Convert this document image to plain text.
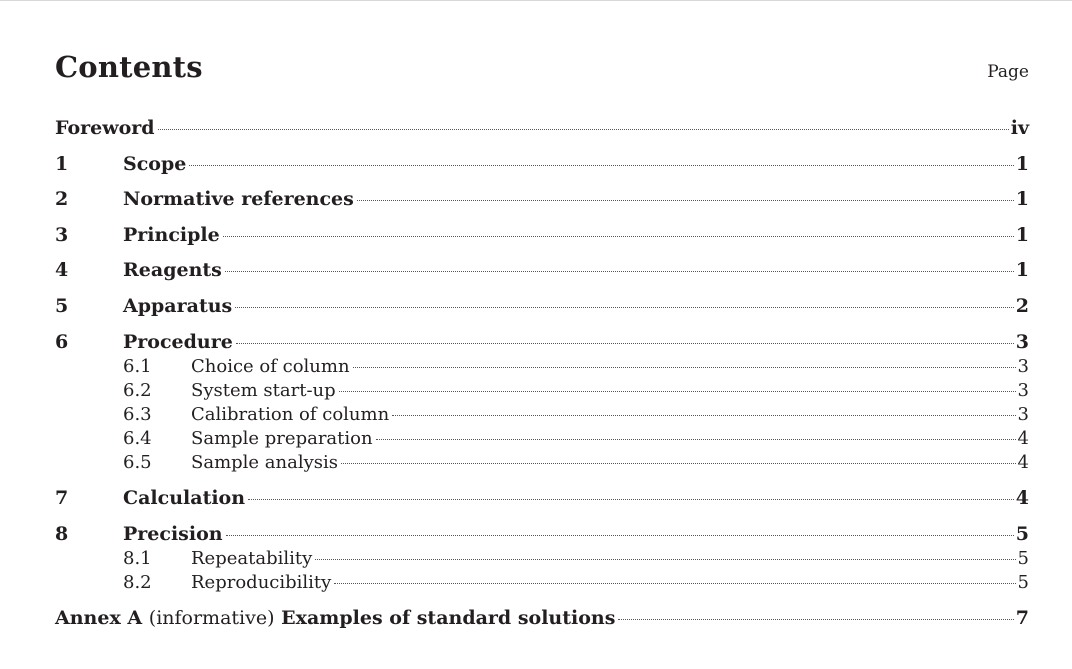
Contents	Page
Foreword	iv
1	Scope	1
2	Normative references	1
3	Principle	1
4	Reagents	1
5	Apparatus	2
6	Procedure	3
6.1	Choice of column	3
6.2	System start-up	3
6.3	Calibration of column	3
6.4	Sample preparation	4
6.5	Sample analysis	4
7	Calculation	4
8	Precision	5
8.1	Repeatability	5
8.2	Reproducibility	5
Annex A (informative) Examples of standard solutions	7
